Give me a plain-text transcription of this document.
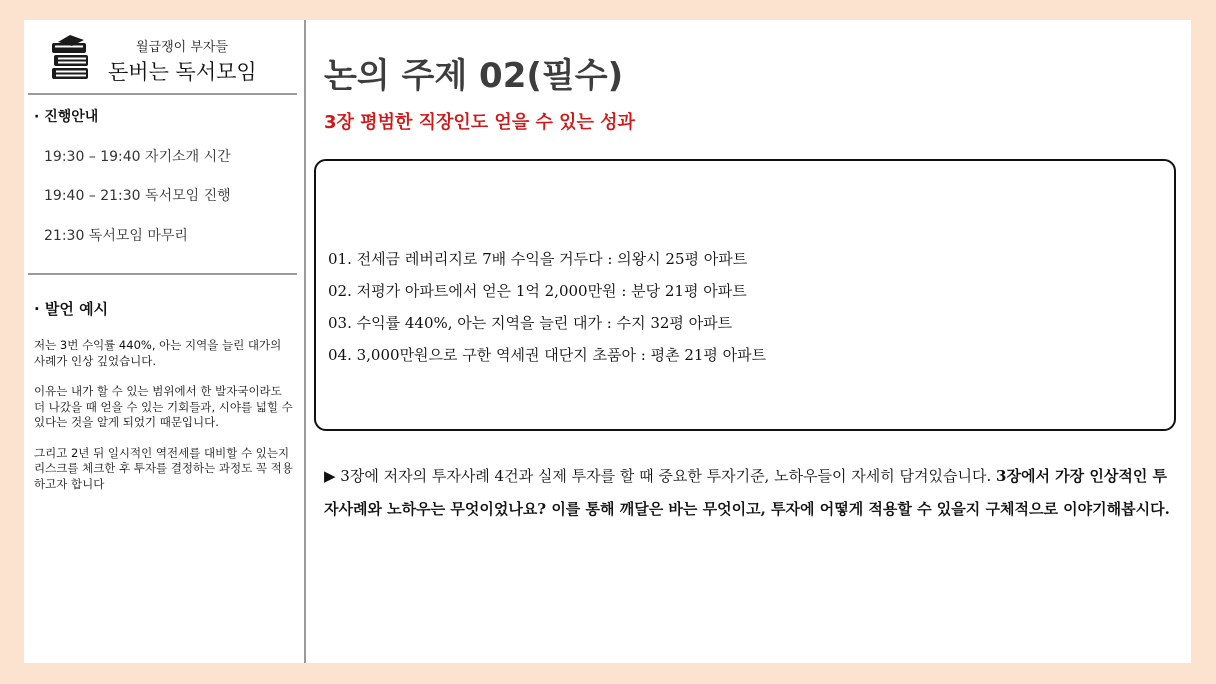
월급쟁이 부자들
돈버는 독서모임
· 진행안내
19:30 – 19:40 자기소개 시간
19:40 – 21:30 독서모임 진행
21:30 독서모임 마무리
· 발언 예시

저는 3번 수익률 440%, 아는 지역을 늘린 대가의 사례가 인상 깊었습니다.

이유는 내가 할 수 있는 범위에서 한 발자국이라도 더 나갔을 때 얻을 수 있는 기회들과, 시야를 넓힐 수 있다는 것을 알게 되었기 때문입니다.

그리고 2년 뒤 일시적인 역전세를 대비할 수 있는지 리스크를 체크한 후 투자를 결정하는 과정도 꼭 적용하고자 합니다

논의 주제 02(필수)
3장 평범한 직장인도 얻을 수 있는 성과
01. 전세금 레버리지로 7배 수익을 거두다 : 의왕시 25평 아파트
02. 저평가 아파트에서 얻은 1억 2,000만원 : 분당 21평 아파트
03. 수익률 440%, 아는 지역을 늘린 대가 : 수지 32평 아파트
04. 3,000만원으로 구한 역세권 대단지 초품아 : 평촌 21평 아파트
▶ 3장에 저자의 투자사례 4건과 실제 투자를 할 때 중요한 투자기준, 노하우들이 자세히 담겨있습니다. 3장에서 가장 인상적인 투자사례와 노하우는 무엇이었나요? 이를 통해 깨달은 바는 무엇이고, 투자에 어떻게 적용할 수 있을지 구체적으로 이야기해봅시다.
